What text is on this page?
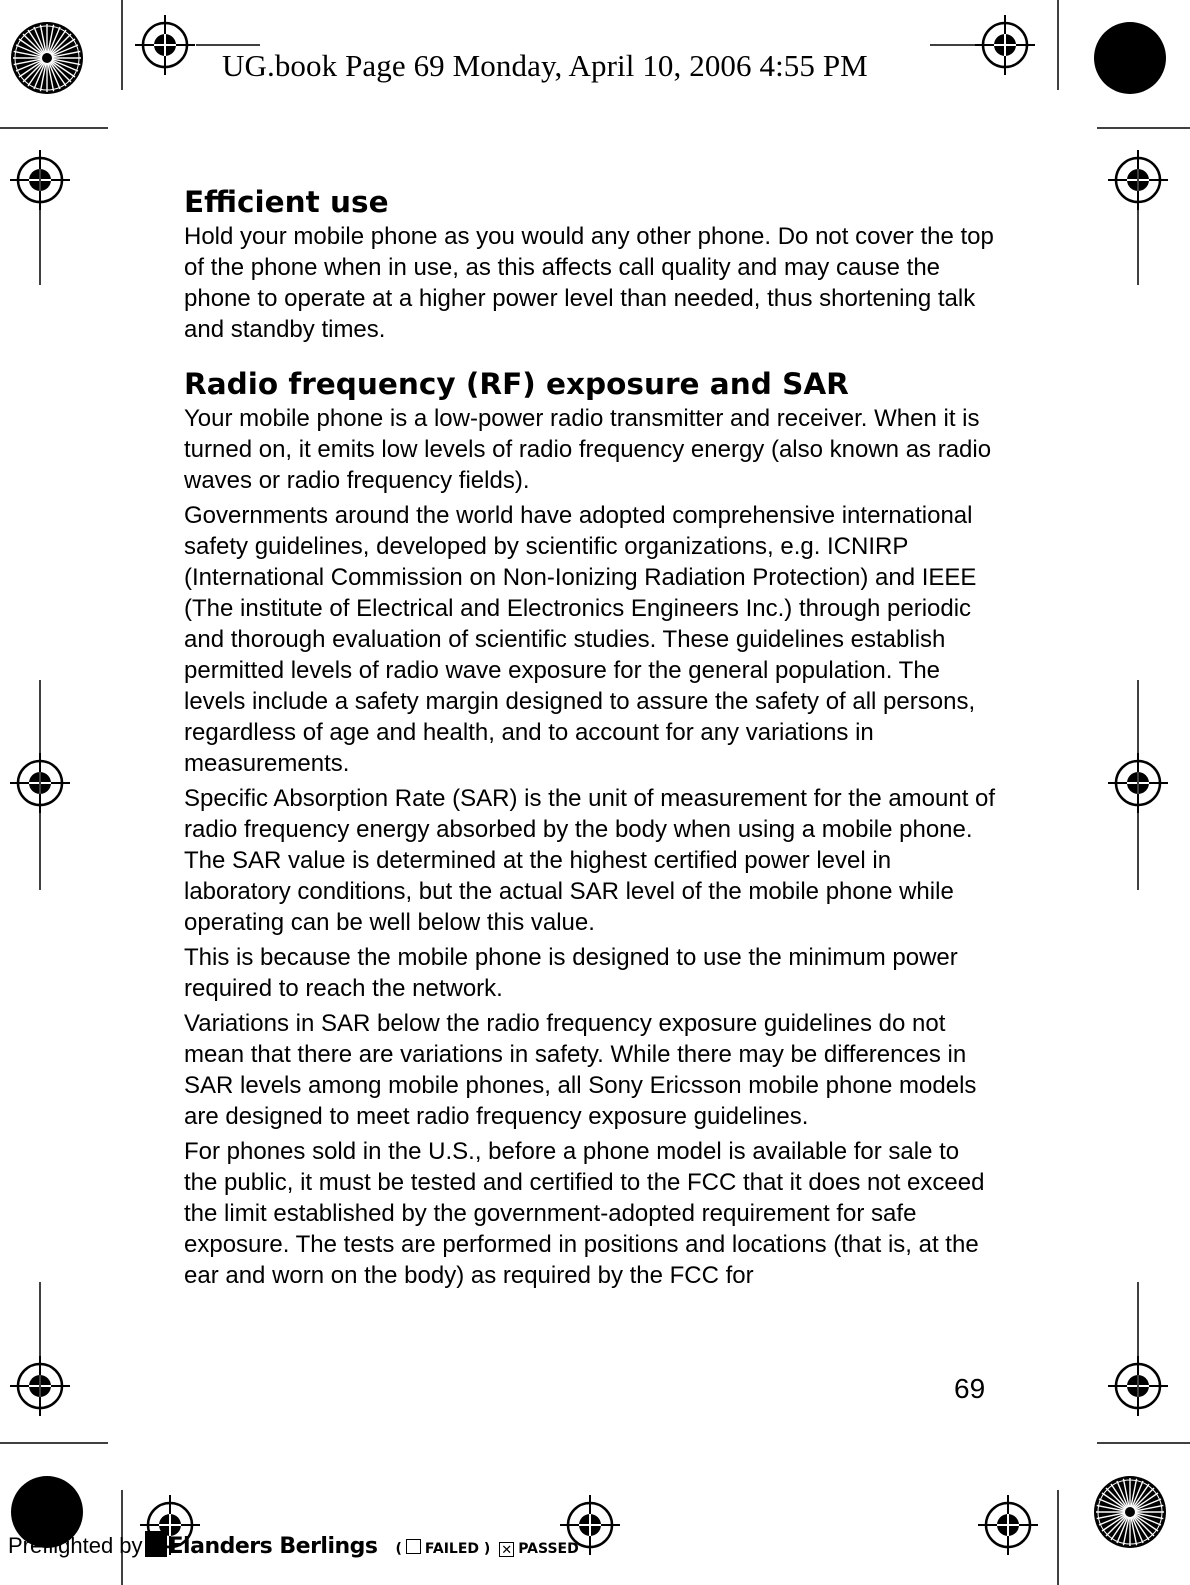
UG.book Page 69 Monday, April 10, 2006 4:55 PM
Efficient use

Hold your mobile phone as you would any other phone. Do not cover the top of the phone when in use, as this affects call quality and may cause the phone to operate at a higher power level than needed, thus shortening talk and standby times.

Radio frequency (RF) exposure and SAR

Your mobile phone is a low-power radio transmitter and receiver. When it is turned on, it emits low levels of radio frequency energy (also known as radio waves or radio frequency fields).

Governments around the world have adopted comprehensive international safety guidelines, developed by scientific organizations, e.g. ICNIRP (International Commission on Non-Ionizing Radiation Protection) and IEEE (The institute of Electrical and Electronics Engineers Inc.) through periodic and thorough evaluation of scientific studies. These guidelines establish permitted levels of radio wave exposure for the general population. The levels include a safety margin designed to assure the safety of all persons, regardless of age and health, and to account for any variations in measurements.

Specific Absorption Rate (SAR) is the unit of measurement for the amount of radio frequency energy absorbed by the body when using a mobile phone. The SAR value is determined at the highest certified power level in laboratory conditions, but the actual SAR level of the mobile phone while operating can be well below this value.

This is because the mobile phone is designed to use the minimum power required to reach the network.

Variations in SAR below the radio frequency exposure guidelines do not mean that there are variations in safety. While there may be differences in SAR levels among mobile phones, all Sony Ericsson mobile phone models are designed to meet radio frequency exposure guidelines.

For phones sold in the U.S., before a phone model is available for sale to the public, it must be tested and certified to the FCC that it does not exceed the limit established by the government-adopted requirement for safe exposure. The tests are performed in positions and locations (that is, at the ear and worn on the body) as required by the FCC for

69
Preflighted by Elanders Berlings ( FAILED ) ✕ PASSED
